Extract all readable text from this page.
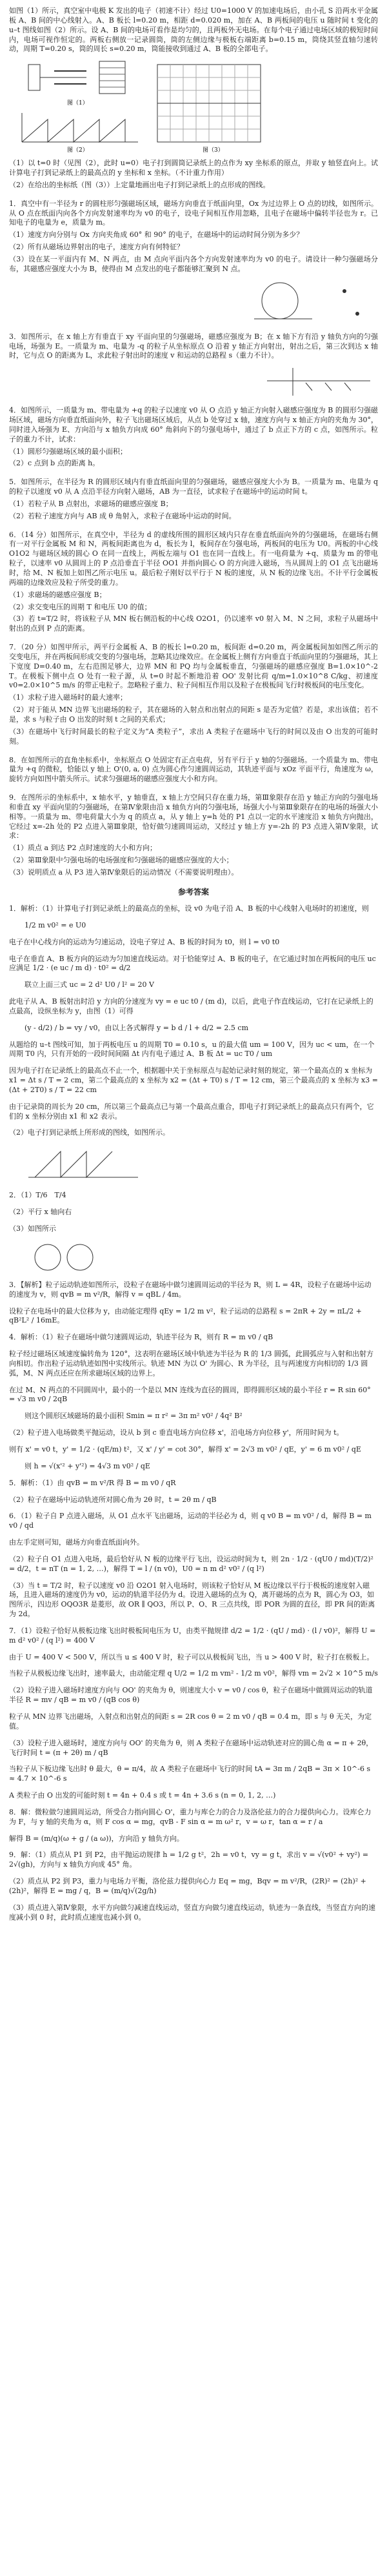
如图（1）所示，真空室中电极 K 发出的电子（初速不计）经过 U0=1000 V 的加速电场后，由小孔 S 沿两水平金属板 A、B 间的中心线射入。A、B 板长 l=0.20 m，相距 d=0.020 m，加在 A、B 两板间的电压 u 随时间 t 变化的 u–t 图线如图（2）所示。设 A、B 间的电场可看作是均匀的，且两板外无电场。在每个电子通过电场区域的极短时间内，电场可视作恒定的。两板右侧放一记录圆筒，筒的左侧边缘与极板右端距离 b=0.15 m，筒绕其竖直轴匀速转动，周期 T=0.20 s，筒的周长 s=0.20 m，筒能接收到通过 A、B 板的全部电子。

图（1）
图（2）	图（3）

（1）以 t=0 时（见图（2），此时 u=0）电子打到圆筒记录纸上的点作为 xy 坐标系的原点，并取 y 轴竖直向上。试计算电子打到记录纸上的最高点的 y 坐标和 x 坐标。（不计重力作用）

（2）在给出的坐标纸（图（3））上定量地画出电子打到记录纸上的点形成的图线。

1．真空中有一半径为 r 的圆柱形匀强磁场区域，磁场方向垂直于纸面向里，Ox 为过边界上 O 点的切线，如图所示。从 O 点在纸面内向各个方向发射速率均为 v0 的电子，设电子间相互作用忽略，且电子在磁场中偏转半径也为 r。已知电子的电量为 e，质量为 m。

（1）速度方向分别与 Ox 方向夹角成 60° 和 90° 的电子，在磁场中的运动时间分别为多少？

（2）所有从磁场边界射出的电子，速度方向有何特征？

（3）设在某一平面内有 M、N 两点，由 M 点向平面内各个方向发射速率均为 v0 的电子。请设计一种匀强磁场分布，其磁感应强度大小为 B，使得由 M 点发出的电子都能够汇聚到 N 点。

3．如图所示，在 x 轴上方有垂直于 xy 平面向里的匀强磁场，磁感应强度为 B；在 x 轴下方有沿 y 轴负方向的匀强电场，场强为 E。一质量为 m、电量为 -q 的粒子从坐标原点 O 沿着 y 轴正方向射出，射出之后，第三次到达 x 轴时，它与点 O 的距离为 L，求此粒子射出时的速度 v 和运动的总路程 s（重力不计）。

4．如图所示，一质量为 m、带电量为 +q 的粒子以速度 v0 从 O 点沿 y 轴正方向射入磁感应强度为 B 的圆形匀强磁场区域，磁场方向垂直纸面向外，粒子飞出磁场区域后，从点 b 处穿过 x 轴，速度方向与 x 轴正方向的夹角为 30°，同时进入场强为 E、方向沿与 x 轴负方向成 60° 角斜向下的匀强电场中，通过了 b 点正下方的 c 点，如图所示。粒子的重力不计，试求：

（1）圆形匀强磁场区域的最小面积；

（2）c 点到 b 点的距离 h。

5．如图所示，在半径为 R 的圆形区域内有垂直纸面向里的匀强磁场，磁感应强度大小为 B。一质量为 m、电量为 q 的粒子以速度 v0 从 A 点沿半径方向射入磁场，AB 为一直径，试求粒子在磁场中的运动时间 t。

（1）若粒子从 B 点射出，求磁场的磁感应强度 B；

（2）若粒子速度方向与 AB 成 θ 角射入，求粒子在磁场中运动的时间。

6．（14 分）如图所示，在真空中，半径为 d 的虚线所围的圆形区域内只存在垂直纸面向外的匀强磁场，在磁场右侧有一对平行金属板 M 和 N，两板间距离也为 d，板长为 l，板间存在匀强电场，两板间的电压为 U0。两板的中心线 O1O2 与磁场区域的圆心 O 在同一直线上，两板左端与 O1 也在同一直线上。有一电荷量为 +q、质量为 m 的带电粒子，以速率 v0 从圆周上的 P 点沿垂直于半径 OO1 并指向圆心 O 的方向进入磁场，当从圆周上的 O1 点飞出磁场时，给 M、N 板加上如图乙所示电压 u。最后粒子刚好以平行于 N 板的速度，从 N 板的边缘飞出。不计平行金属板两端的边缘效应及粒子所受的重力。

（1）求磁场的磁感应强度 B；

（2）求交变电压的周期 T 和电压 U0 的值；

（3）若 t=T/2 时，将该粒子从 MN 板右侧沿板的中心线 O2O1，仍以速率 v0 射入 M、N 之间，求粒子从磁场中射出的点到 P 点的距离。

7．（20 分）如图甲所示，两平行金属板 A、B 的板长 l=0.20 m，板间距 d=0.20 m，两金属板间加如图乙所示的交变电压，并在两板间形成交变的匀强电场，忽略其边缘效应。在金属板上侧有方向垂直于纸面向里的匀强磁场，其上下宽度 D=0.40 m，左右范围足够大，边界 MN 和 PQ 均与金属板垂直，匀强磁场的磁感应强度 B=1.0×10^-2 T。在极板下侧中点 O 处有一粒子源，从 t=0 时起不断地沿着 OO' 发射比荷 q/m=1.0×10^8 C/kg、初速度 v0=2.0×10^5 m/s 的带正电粒子。忽略粒子重力、粒子间相互作用以及粒子在极板间飞行时极板间的电压变化。

（1）求粒子进入磁场时的最大速率；

（2）对于能从 MN 边界飞出磁场的粒子，其在磁场的入射点和出射点的间距 s 是否为定值？若是，求出该值；若不是，求 s 与粒子由 O 出发的时刻 t 之间的关系式；

（3）在磁场中飞行时间最长的粒子定义为“A 类粒子”，求出 A 类粒子在磁场中飞行的时间以及由 O 出发的可能时刻。

8．在如图所示的直角坐标系中，坐标原点 O 处固定有正点电荷，另有平行于 y 轴的匀强磁场。一个质量为 m、带电量为 +q 的微粒，恰能以 y 轴上 O'(0, a, 0) 点为圆心作匀速圆周运动，其轨迹平面与 xOz 平面平行，角速度为 ω，旋转方向如图中箭头所示。试求匀强磁场的磁感应强度大小和方向。

9．在图所示的坐标系中，x 轴水平，y 轴垂直，x 轴上方空间只存在重力场，第Ⅲ象限存在沿 y 轴正方向的匀强电场和垂直 xy 平面向里的匀强磁场，在第Ⅳ象限由沿 x 轴负方向的匀强电场，场强大小与第Ⅲ象限存在的电场的场强大小相等。一质量为 m、带电荷量大小为 q 的质点 a，从 y 轴上 y=h 处的 P1 点以一定的水平速度沿 x 轴负方向抛出，它经过 x=-2h 处的 P2 点进入第Ⅲ象限，恰好做匀速圆周运动，又经过 y 轴上方 y=-2h 的 P3 点进入第Ⅳ象限，试求：

（1）质点 a 到达 P2 点时速度的大小和方向；

（2）第Ⅲ象限中匀强电场的电场强度和匀强磁场的磁感应强度的大小；

（3）说明质点 a 从 P3 进入第Ⅳ象限后的运动情况（不需要说明理由）。

参考答案

1．解析：（1）计算电子打到记录纸上的最高点的坐标，设 v0 为电子沿 A、B 板的中心线射入电场时的初速度，则

1/2 m v0² = e U0

电子在中心线方向的运动为匀速运动，设电子穿过 A、B 板的时间为 t0，则 l = v0 t0

电子在垂直 A、B 板方向的运动为匀加速直线运动。对于恰能穿过 A、B 板的电子，在它通过时加在两板间的电压 uc 应满足 1/2 · (e uc / m d) · t0² = d/2

联立上面三式 uc = 2 d² U0 / l² = 20 V

此电子从 A、B 板射出时沿 y 方向的分速度为 vy = e uc t0 / (m d)，以后，此电子作直线运动，它打在记录纸上的点最高，设纵坐标为 y，由图（1）可得

(y - d/2) / b = vy / v0，由以上各式解得 y = b d / l + d/2 = 2.5 cm

从题给的 u–t 图线可知，加于两板电压 u 的周期 T0 = 0.10 s，u 的最大值 um = 100 V，因为 uc < um，在一个周期 T0 内，只有开始的一段时间间隔 Δt 内有电子通过 A、B 板 Δt = uc T0 / um

因为电子打在记录纸上的最高点不止一个，根据题中关于坐标原点与起始记录时刻的规定，第一个最高点的 x 坐标为 x1 = Δt s / T = 2 cm，第二个最高点的 x 坐标为 x2 = (Δt + T0) s / T = 12 cm，第三个最高点的 x 坐标为 x3 = (Δt + 2T0) s / T = 22 cm

由于记录筒的周长为 20 cm，所以第三个最高点已与第一个最高点重合，即电子打到记录纸上的最高点只有两个，它们的 x 坐标分别由 x1 和 x2 表示。

（2）电子打到记录纸上所形成的图线，如图所示。

2．（1）T/6　T/4

（2）平行 x 轴向右

（3）如图所示

3．【解析】粒子运动轨迹如图所示，设粒子在磁场中做匀速圆周运动的半径为 R，则 L = 4R，设粒子在磁场中运动的速度为 v，则 qvB = m v²/R，解得 v = qBL / 4m。

设粒子在电场中的最大位移为 y，由动能定理得 qEy = 1/2 m v²，粒子运动的总路程 s = 2πR + 2y = πL/2 + qB²L² / 16mE。

4．解析：（1）粒子在磁场中做匀速圆周运动，轨迹半径为 R，则有 R = m v0 / qB

粒子经过磁场区域速度偏转角为 120°，这表明在磁场区域中轨迹为半径为 R 的 1/3 圆弧，此圆弧应与入射和出射方向相切。作出粒子运动轨迹如图中实线所示。轨迹 MN 为以 O' 为圆心、R 为半径，且与两速度方向相切的 1/3 圆弧，M、N 两点还应在所求磁场区域的边界上。

在过 M、N 两点的不同圆周中，最小的一个是以 MN 连线为直径的圆周，即得圆形区域的最小半径 r = R sin 60° = √3 m v0 / 2qB

则这个圆形区域磁场的最小面积 Smin = π r² = 3π m² v0² / 4q² B²

（2）粒子进入电场做类平抛运动，设从 b 到 c 垂直电场方向位移 x'，沿电场方向位移 y'，所用时间为 t。

则有 x' = v0 t，y' = 1/2 · (qE/m) t²，又 x' / y' = cot 30°，解得 x' = 2√3 m v0² / qE，y' = 6 m v0² / qE

则 h = √(x'² + y'²) = 4√3 m v0² / qE

5．解析：（1）由 qvB = m v²/R 得 B = m v0 / qR

（2）粒子在磁场中运动轨迹所对圆心角为 2θ 时，t = 2θ m / qB

6．（1）粒子自 P 点进入磁场，从 O1 点水平飞出磁场，运动的半径必为 d，则 q v0 B = m v0² / d，解得 B = m v0 / qd

由左手定则可知，磁场方向垂直纸面向外。

（2）粒子自 O1 点进入电场，最后恰好从 N 板的边缘平行飞出，设运动时间为 t，则 2n · 1/2 · (qU0 / md)(T/2)² = d/2，t = nT (n = 1, 2, …)，解得 T = l / (n v0)，U0 = n m d² v0² / (q l²)

（3）当 t = T/2 时，粒子以速度 v0 沿 O2O1 射入电场时，则该粒子恰好从 M 板边缘以平行于极板的速度射入磁场，且进入磁场的速度仍为 v0，运动的轨道半径仍为 d。设进入磁场的点为 Q，离开磁场的点为 R，圆心为 O3，如图所示，四边形 OQO3R 是菱形，故 OR ∥ QO3，所以 P、O、R 三点共线，即 POR 为圆的直径，即 PR 间的距离为 2d。

7．（1）设粒子恰好从极板边缘飞出时极板间电压为 U，由类平抛规律 d/2 = 1/2 · (qU / md) · (l / v0)²，解得 U = m d² v0² / (q l²) = 400 V

由于 U = 400 V < 500 V，所以当 u ≤ 400 V 时，粒子可以从极板间飞出，当 u > 400 V 时，粒子打在极板上。

当粒子从极板边缘飞出时，速率最大，由动能定理 q U/2 = 1/2 m vm² - 1/2 m v0²，解得 vm = 2√2 × 10^5 m/s

（2）设粒子进入磁场时速度方向与 OO' 的夹角为 θ，则速度大小 v = v0 / cos θ，粒子在磁场中做圆周运动的轨道半径 R = mv / qB = m v0 / (qB cos θ)

粒子从 MN 边界飞出磁场，入射点和出射点的间距 s = 2R cos θ = 2 m v0 / qB = 0.4 m，即 s 与 θ 无关，为定值。

（3）设粒子进入磁场时，速度方向与 OO' 的夹角为 θ，则 A 类粒子在磁场中运动轨迹对应的圆心角 α = π + 2θ，飞行时间 t = (π + 2θ) m / qB

当粒子从下板边缘飞出时 θ 最大，θ = π/4，故 A 类粒子在磁场中飞行的时间 tA = 3π m / 2qB = 3π × 10^-6 s ≈ 4.7 × 10^-6 s

A 类粒子由 O 出发的可能时刻 t = 4n + 0.4 s 或 t = 4n + 3.6 s (n = 0, 1, 2, …)

8．解：微粒做匀速圆周运动，所受合力指向圆心 O'，重力与库仑力的合力及洛伦兹力的合力提供向心力。设库仑力为 F，与 y 轴的夹角为 α，则 F cos α = mg，qvB - F sin α = m ω² r，v = ω r，tan α = r / a

解得 B = (m/q)(ω + g / (a ω))，方向沿 y 轴负方向。

9．解：（1）质点从 P1 到 P2，由平抛运动规律 h = 1/2 g t²，2h = v0 t，vy = g t，求出 v = √(v0² + vy²) = 2√(gh)，方向与 x 轴负方向成 45° 角。

（2）质点从 P2 到 P3，重力与电场力平衡，洛伦兹力提供向心力 Eq = mg，Bqv = m v²/R，(2R)² = (2h)² + (2h)²，解得 E = mg / q，B = (m/q)√(2g/h)

（3）质点进入第Ⅳ象限，水平方向做匀减速直线运动，竖直方向做匀速直线运动，轨迹为一条直线，当竖直方向的速度减小到 0 时，此时质点速度也减小到 0。
